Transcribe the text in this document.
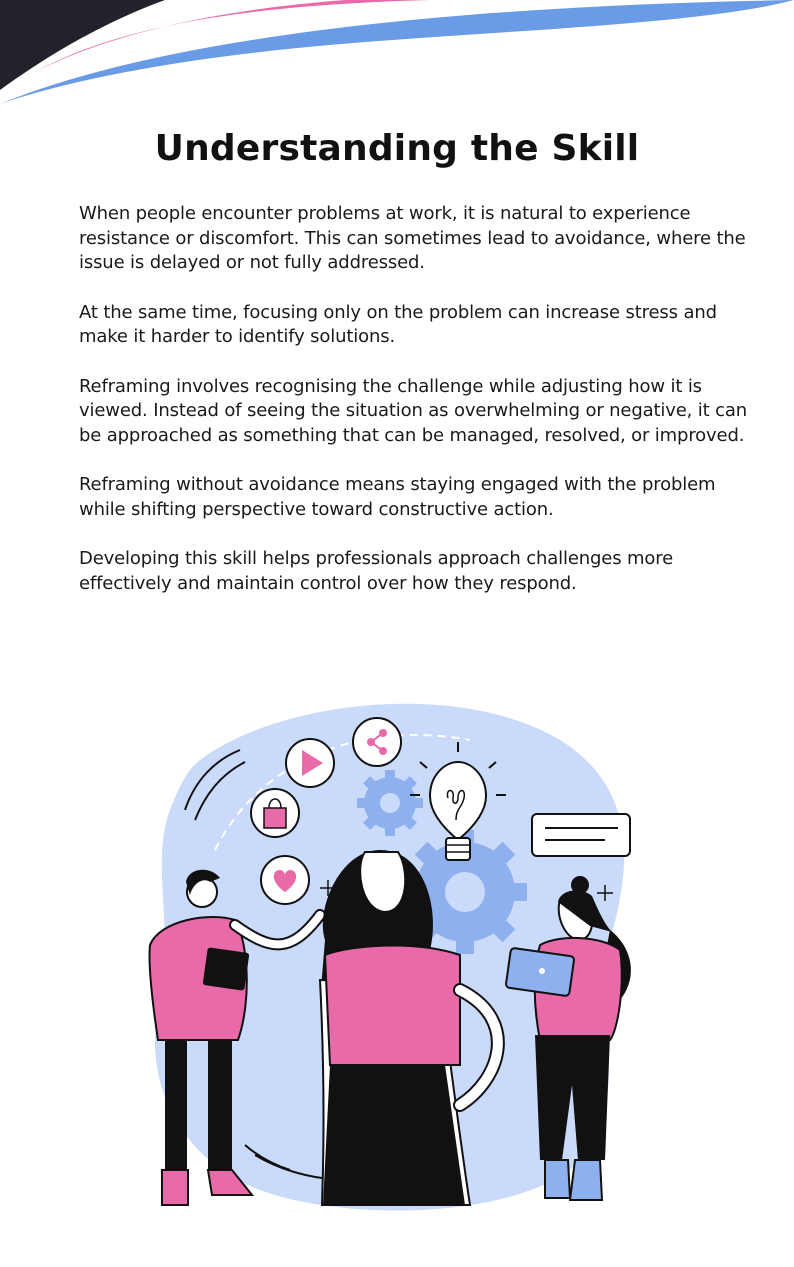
Understanding the Skill

When people encounter problems at work, it is natural to experience resistance or discomfort. This can sometimes lead to avoidance, where the issue is delayed or not fully addressed.

At the same time, focusing only on the problem can increase stress and make it harder to identify solutions.

Reframing involves recognising the challenge while adjusting how it is viewed. Instead of seeing the situation as overwhelming or negative, it can be approached as something that can be managed, resolved, or improved.

Reframing without avoidance means staying engaged with the problem while shifting perspective toward constructive action.

Developing this skill helps professionals approach challenges more effectively and maintain control over how they respond.
